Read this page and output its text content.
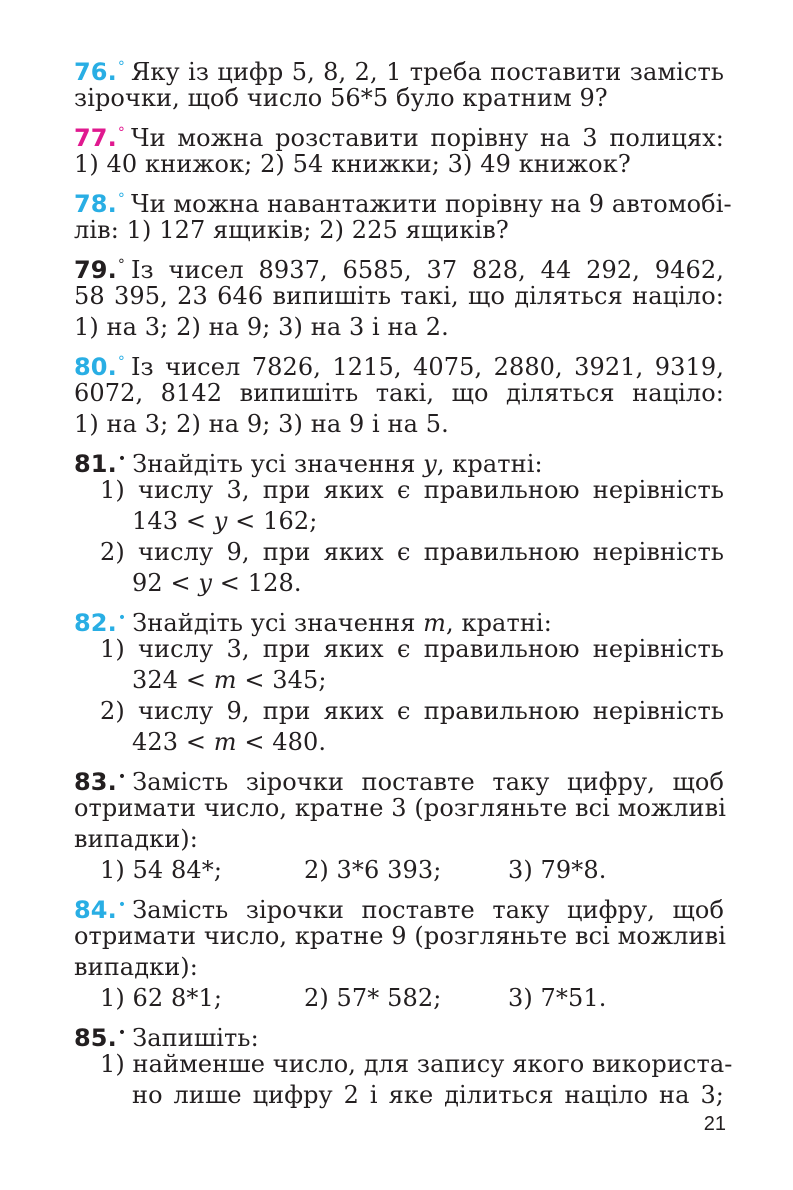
76.° Яку із цифр 5, 8, 2, 1 треба поставити замість
зірочки, щоб число 56*5 було кратним 9?
77.° Чи можна розставити порівну на 3 полицях:
1) 40 книжок; 2) 54 книжки; 3) 49 книжок?
78.° Чи можна навантажити порівну на 9 автомобі-
лів: 1) 127 ящиків; 2) 225 ящиків?
79.° Із чисел 8937, 6585, 37 828, 44 292, 9462,
58 395, 23 646 випишіть такі, що діляться націло:
1) на 3; 2) на 9; 3) на 3 і на 2.
80.° Із чисел 7826, 1215, 4075, 2880, 3921, 9319,
6072, 8142 випишіть такі, що діляться націло:
1) на 3; 2) на 9; 3) на 9 і на 5.
81.• Знайдіть усі значення y, кратні:
1) числу 3, при яких є правильною нерівність
143 < y < 162;
2) числу 9, при яких є правильною нерівність
92 < y < 128.
82.• Знайдіть усі значення m, кратні:
1) числу 3, при яких є правильною нерівність
324 < m < 345;
2) числу 9, при яких є правильною нерівність
423 < m < 480.
83.• Замість зірочки поставте таку цифру, щоб
отримати число, кратне 3 (розгляньте всі можливі
випадки):
1) 54 84*;	2) 3*6 393;	3) 79*8.
84.• Замість зірочки поставте таку цифру, щоб
отримати число, кратне 9 (розгляньте всі можливі
випадки):
1) 62 8*1;	2) 57* 582;	3) 7*51.
85.• Запишіть:
1) найменше число, для запису якого використа-
но лише цифру 2 і яке ділиться націло на 3;
21
